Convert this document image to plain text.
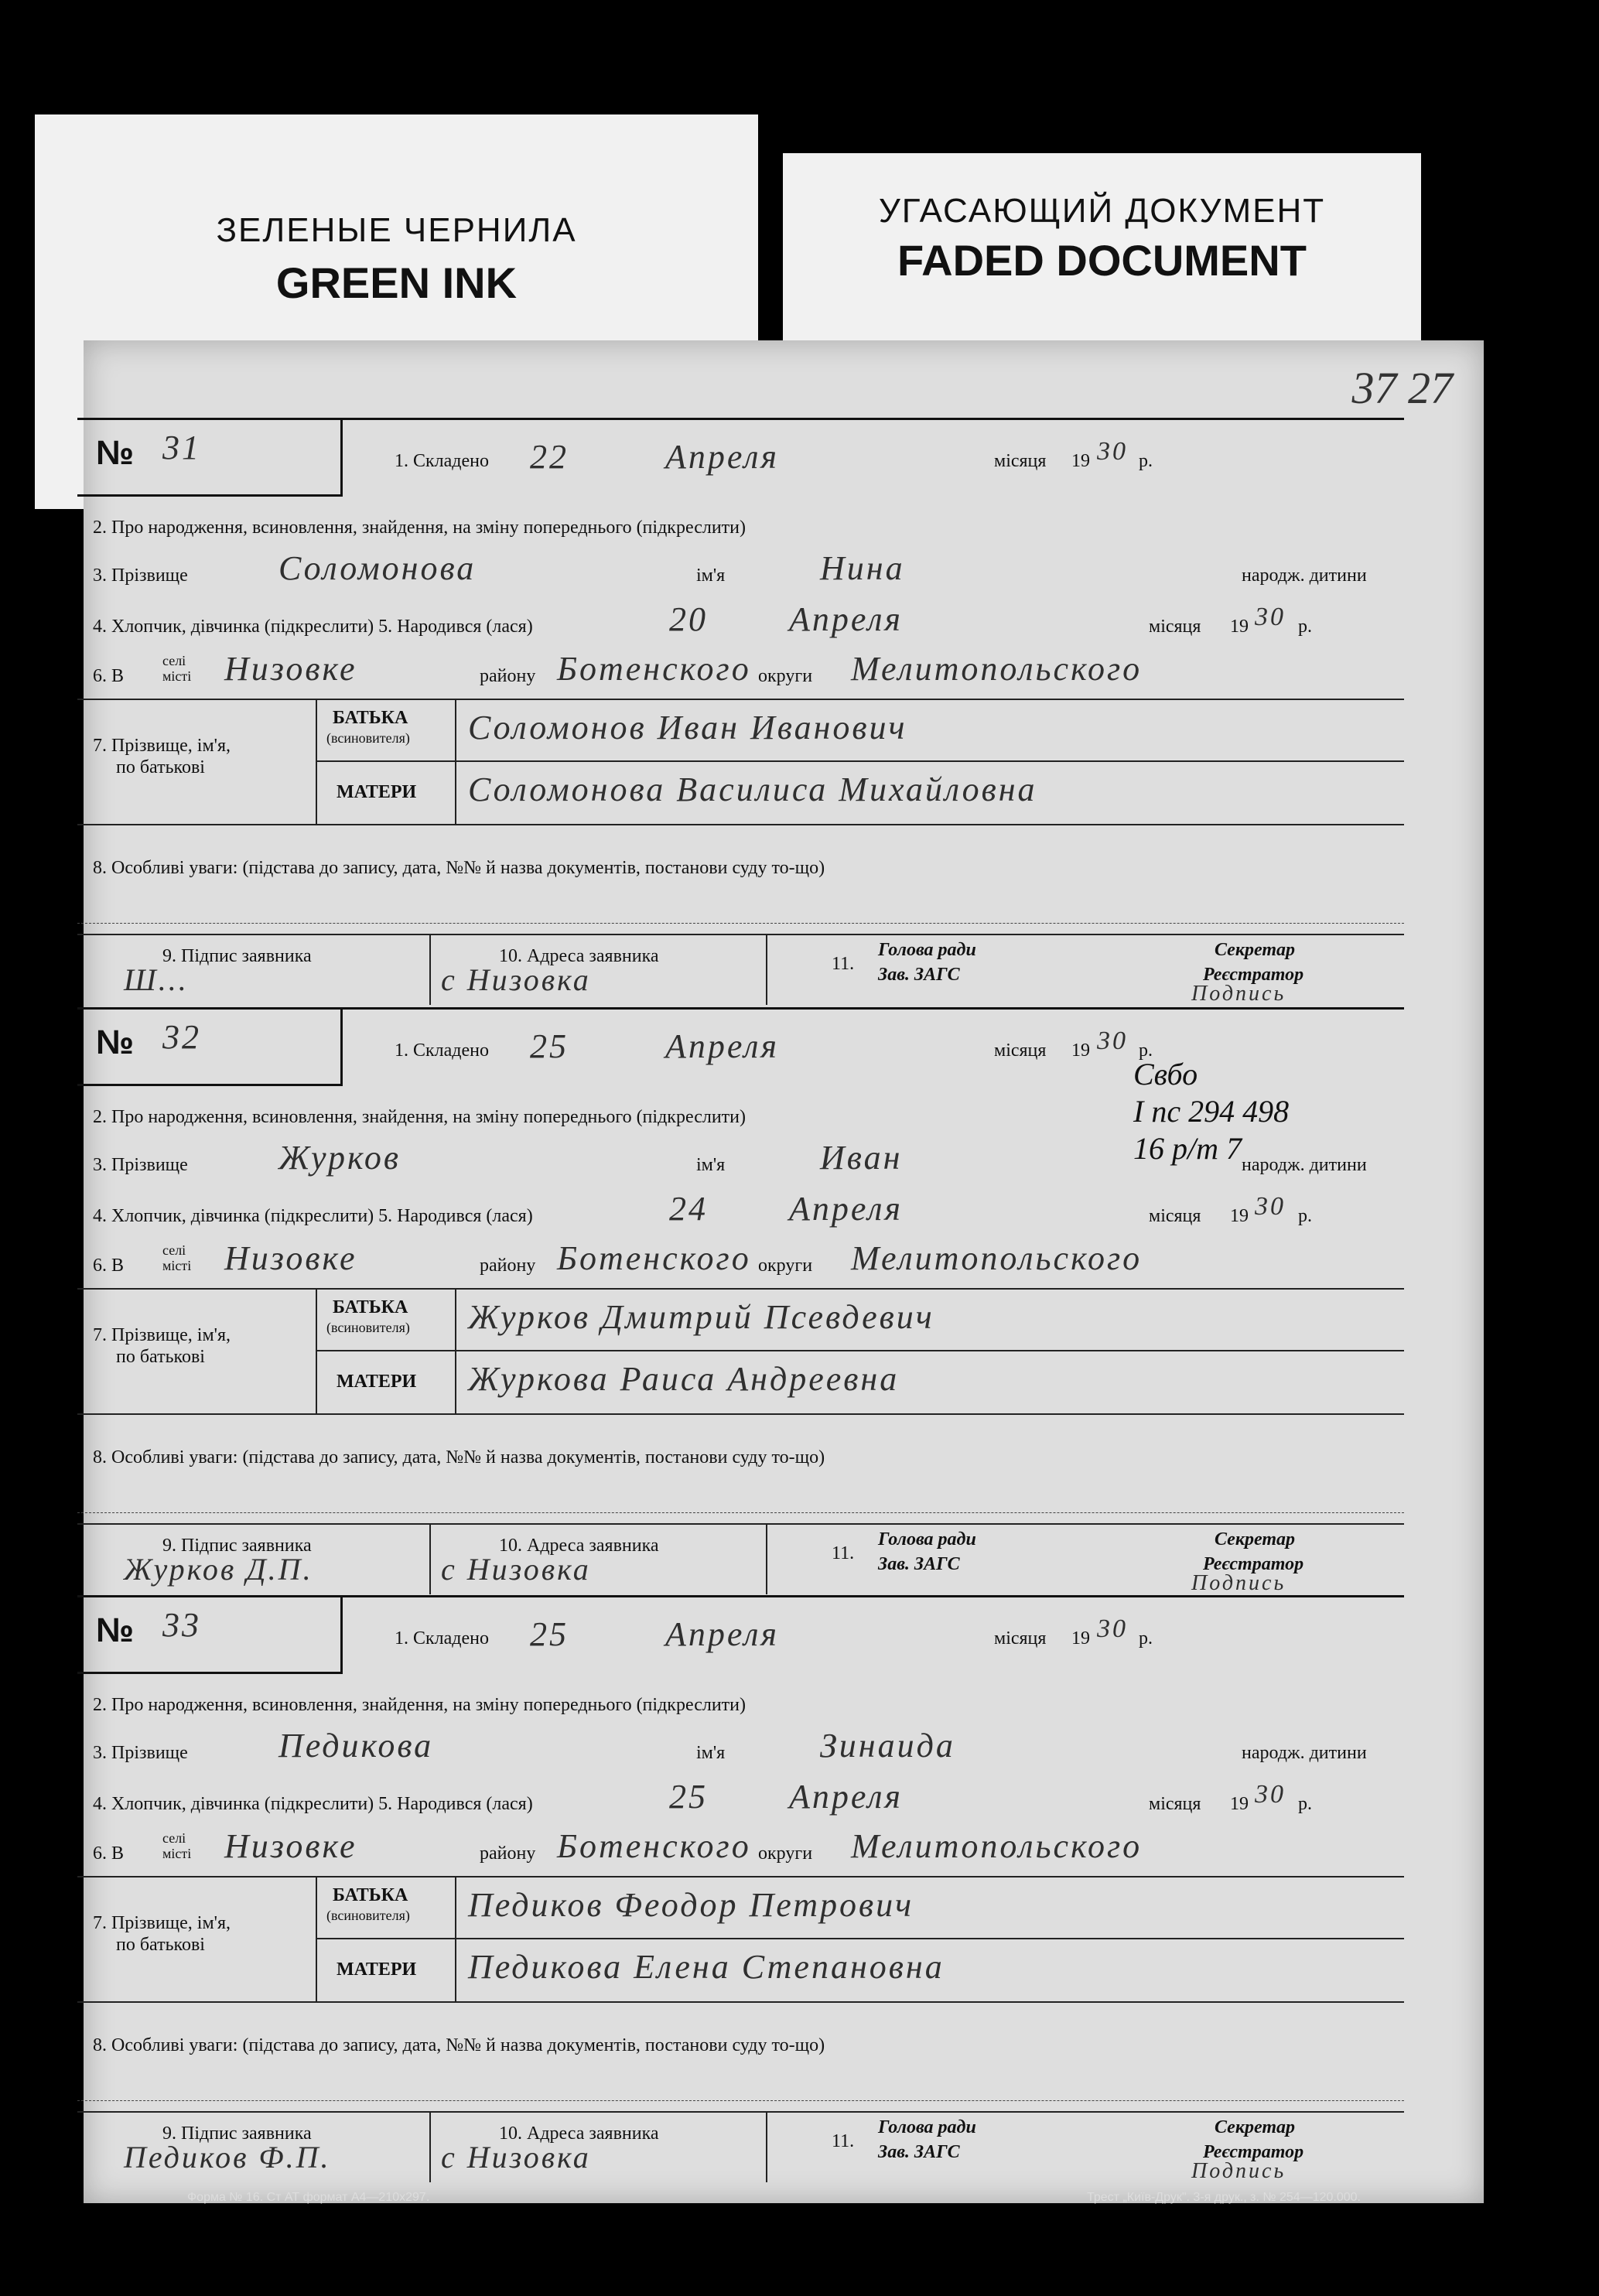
ЗЕЛЕНЫЕ ЧЕРНИЛА
GREEN INK
УГАСАЮЩИЙ ДОКУМЕНТ
FADED DOCUMENT
37 27
№ 31	1. Складено 22	Апреля	місяця 19 30 р.
2. Про народження, всиновлення, знайдення, на зміну попереднього (підкреслити)
3. Прізвище	Соломонова	ім'я	Нина	народж. дитини
4. Хлопчик, дівчинка (підкреслити) 5. Народився (лася)	20 Апреля	місяця 19 30 р.
6. В
селі
місті Низовке	району Ботенского округи Мелитопольского
7. Прізвище, ім'я,
по батькові
БАТЬКА
(всиновителя) Соломонов Иван Иванович
МАТЕРИ Соломонова Василиса Михайловна
8. Особливі уваги: (підстава до запису, дата, №№ й назва документів, постанови суду то-що)
9. Підпис заявника
Ш...
10. Адреса заявника
с Низовка	11.
Голова ради
Зав. ЗАГС
Секретар
Реєстратор
Подпись
№ 32	1. Складено 25	Апреля	місяця 19 30 р.
2. Про народження, всиновлення, знайдення, на зміну попереднього (підкреслити)
3. Прізвище	Журков	ім'я	Иван	народж. дитини
4. Хлопчик, дівчинка (підкреслити) 5. Народився (лася)	24 Апреля	місяця 19 30 р.
6. В
селі
місті Низовке	району Ботенского округи Мелитопольского
7. Прізвище, ім'я,
по батькові
БАТЬКА
(всиновителя) Журков Дмитрий Псевдевич
МАТЕРИ Журкова Раиса Андреевна
8. Особливі уваги: (підстава до запису, дата, №№ й назва документів, постанови суду то-що)
9. Підпис заявника
Журков Д.П.
10. Адреса заявника
с Низовка	11.
Голова ради
Зав. ЗАГС
Секретар
Реєстратор
Подпись
№ 33	1. Складено 25	Апреля	місяця 19 30 р.
2. Про народження, всиновлення, знайдення, на зміну попереднього (підкреслити)
3. Прізвище	Педикова	ім'я	Зинаида	народж. дитини
4. Хлопчик, дівчинка (підкреслити) 5. Народився (лася)	25 Апреля	місяця 19 30 р.
6. В
селі
місті Низовке	району Ботенского округи Мелитопольского
7. Прізвище, ім'я,
по батькові
БАТЬКА
(всиновителя) Педиков Феодор Петрович
МАТЕРИ Педикова Елена Степановна
8. Особливі уваги: (підстава до запису, дата, №№ й назва документів, постанови суду то-що)
9. Підпис заявника
Педиков Ф.П.
10. Адреса заявника
с Низовка	11.
Голова ради
Зав. ЗАГС
Секретар
Реєстратор
Подпись
Свбо
I пс 294 498
16 р/т 7
Форма № 16. Ст АТ формат А4—210x297.	Трест „Київ-Друк". 3-я друк., з. № 254—120.000.
